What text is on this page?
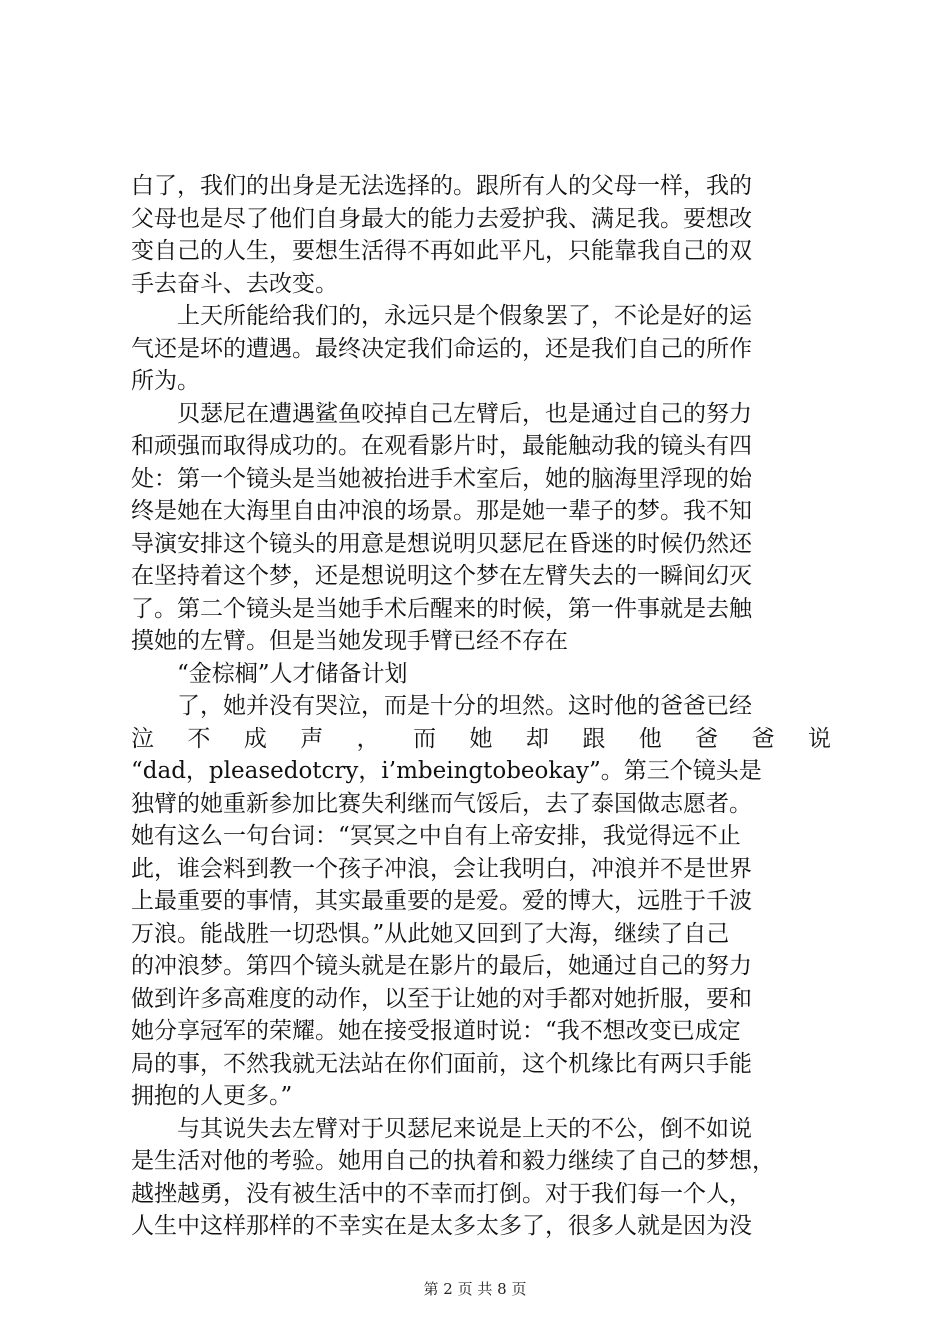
白了，我们的出身是无法选择的。跟所有人的父母一样，我的
父母也是尽了他们自身最大的能力去爱护我、满足我。要想改
变自己的人生，要想生活得不再如此平凡，只能靠我自己的双
手去奋斗、去改变。
上天所能给我们的，永远只是个假象罢了，不论是好的运
气还是坏的遭遇。最终决定我们命运的，还是我们自己的所作
所为。
贝瑟尼在遭遇鲨鱼咬掉自己左臂后，也是通过自己的努力
和顽强而取得成功的。在观看影片时，最能触动我的镜头有四
处：第一个镜头是当她被抬进手术室后，她的脑海里浮现的始
终是她在大海里自由冲浪的场景。那是她一辈子的梦。我不知
导演安排这个镜头的用意是想说明贝瑟尼在昏迷的时候仍然还
在坚持着这个梦，还是想说明这个梦在左臂失去的一瞬间幻灭
了。第二个镜头是当她手术后醒来的时候，第一件事就是去触
摸她的左臂。但是当她发现手臂已经不存在
“金棕榈”人才储备计划
了，她并没有哭泣，而是十分的坦然。这时他的爸爸已经
泣 不 成 声 ， 而 她 却 跟 他 爸 爸 说
“dad，pleasedotcry，i’mbeingtobeokay”。第三个镜头是
独臂的她重新参加比赛失利继而气馁后，去了泰国做志愿者。
她有这么一句台词：“冥冥之中自有上帝安排，我觉得远不止
此，谁会料到教一个孩子冲浪，会让我明白，冲浪并不是世界
上最重要的事情，其实最重要的是爱。爱的博大，远胜于千波
万浪。能战胜一切恐惧。”从此她又回到了大海，继续了自己
的冲浪梦。第四个镜头就是在影片的最后，她通过自己的努力
做到许多高难度的动作，以至于让她的对手都对她折服，要和
她分享冠军的荣耀。她在接受报道时说：“我不想改变已成定
局的事，不然我就无法站在你们面前，这个机缘比有两只手能
拥抱的人更多。”
与其说失去左臂对于贝瑟尼来说是上天的不公，倒不如说
是生活对他的考验。她用自己的执着和毅力继续了自己的梦想，
越挫越勇，没有被生活中的不幸而打倒。对于我们每一个人，
人生中这样那样的不幸实在是太多太多了，很多人就是因为没
第 2 页 共 8 页
